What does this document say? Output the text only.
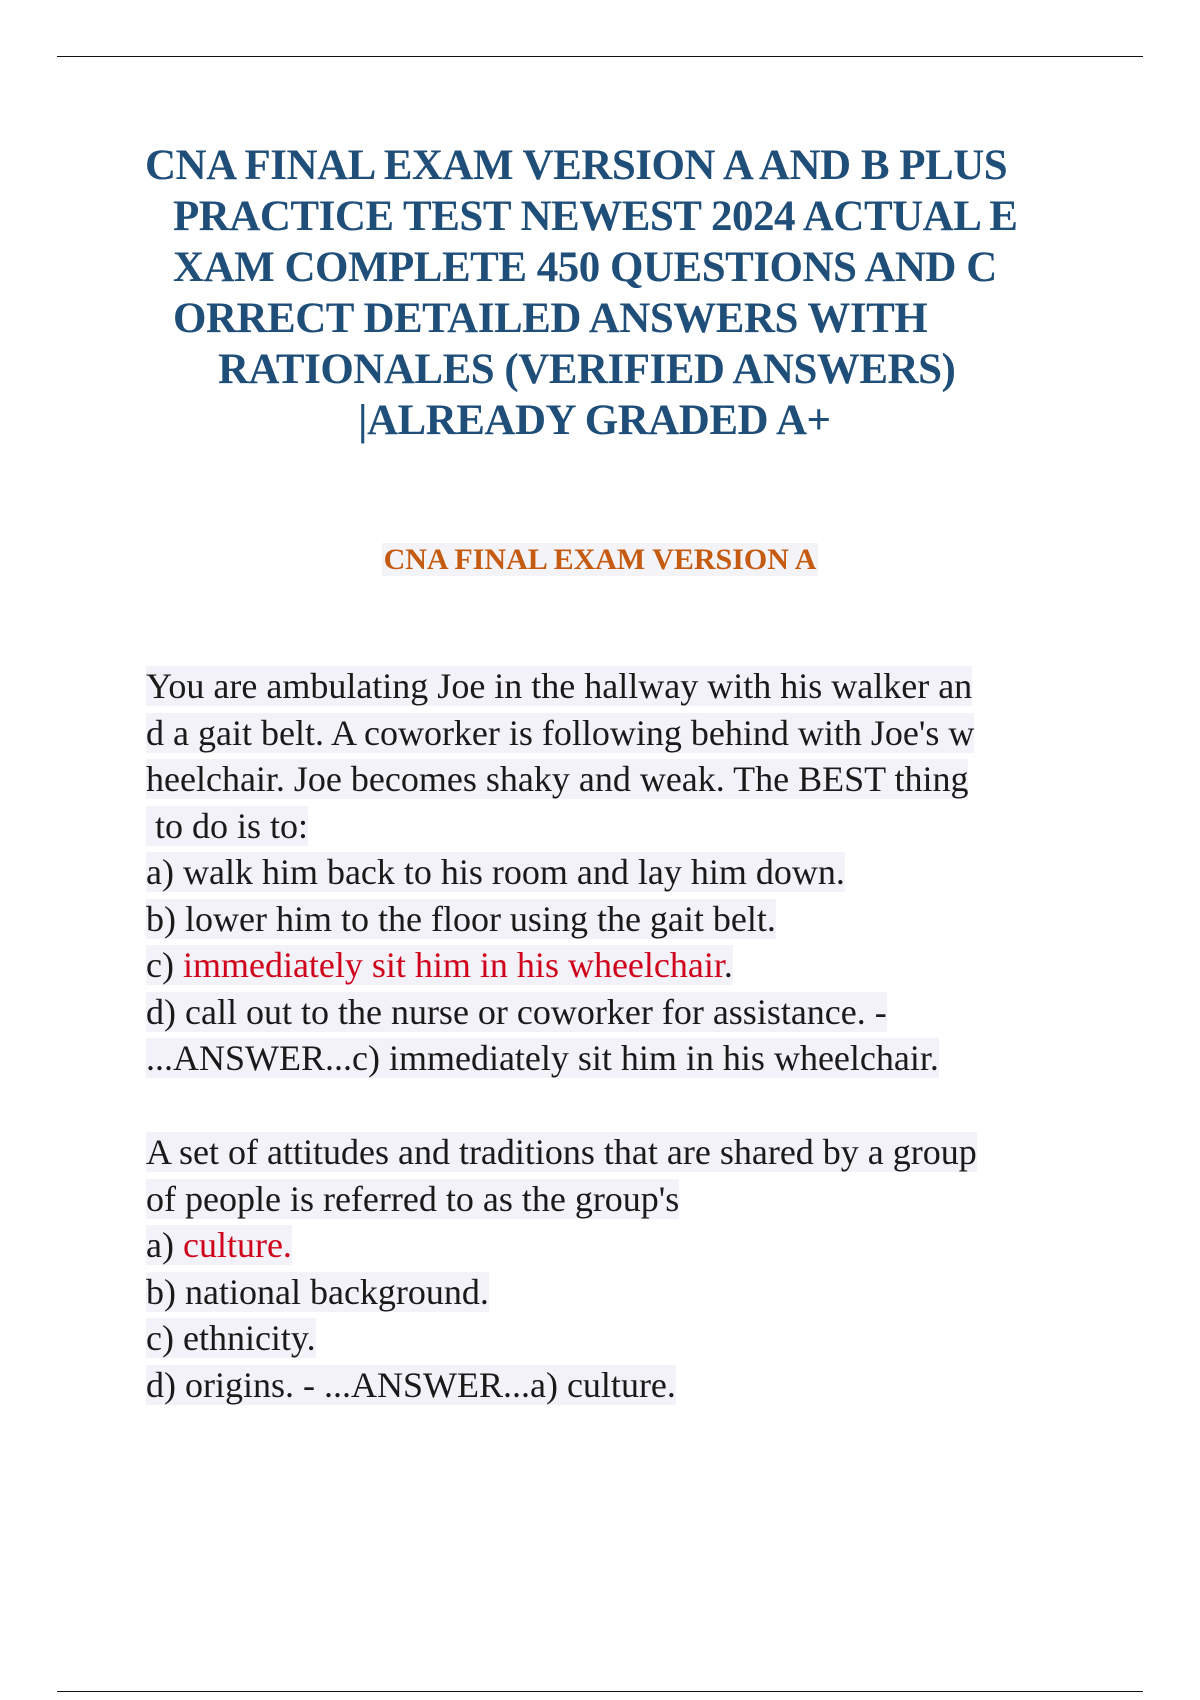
CNA FINAL EXAM VERSION A AND B PLUS
PRACTICE TEST NEWEST 2024 ACTUAL E
XAM COMPLETE 450 QUESTIONS AND C
ORRECT DETAILED ANSWERS WITH
RATIONALES (VERIFIED ANSWERS)
|ALREADY GRADED A+
CNA FINAL EXAM VERSION A
You are ambulating Joe in the hallway with his walker an
d a gait belt. A coworker is following behind with Joe's w
heelchair. Joe becomes shaky and weak. The BEST thing
to do is to:
a) walk him back to his room and lay him down.
b) lower him to the floor using the gait belt.
c) immediately sit him in his wheelchair.
d) call out to the nurse or coworker for assistance. -
...ANSWER...c) immediately sit him in his wheelchair.
A set of attitudes and traditions that are shared by a group
of people is referred to as the group's
a) culture.
b) national background.
c) ethnicity.
d) origins. - ...ANSWER...a) culture.
